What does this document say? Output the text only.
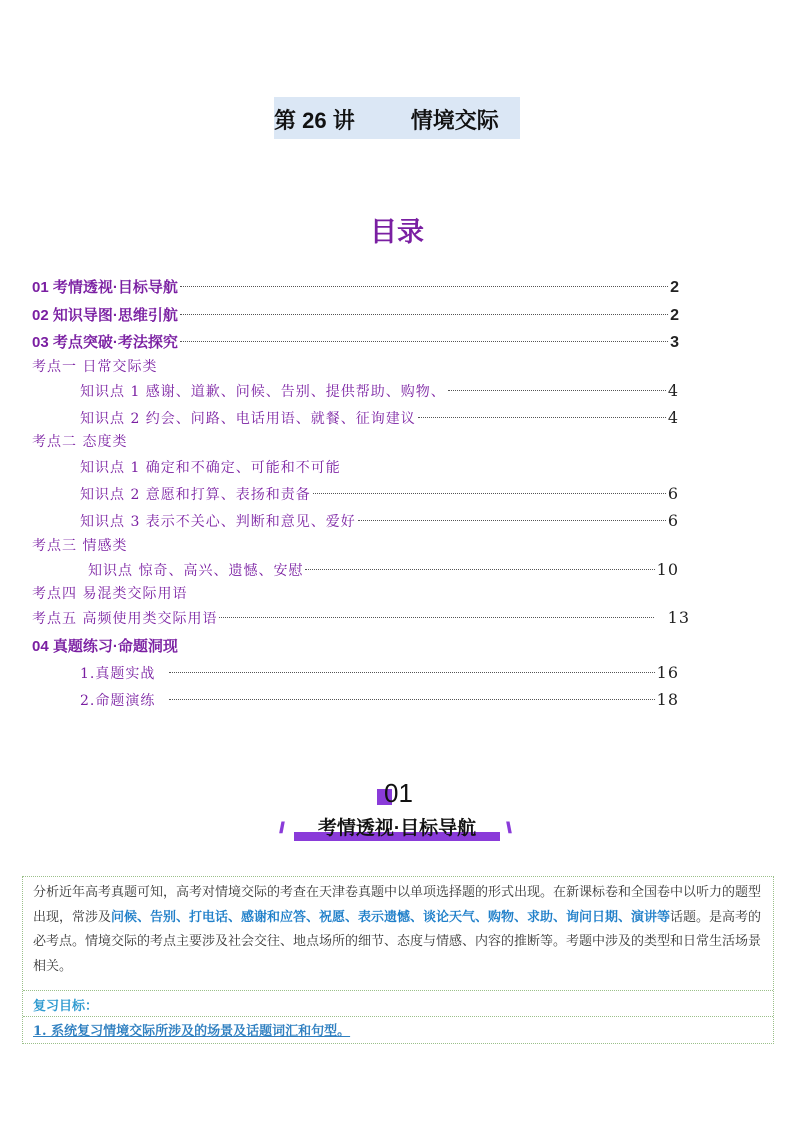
第 26 讲	情境交际
目录
01 考情透视·目标导航	2
02 知识导图·思维引航	2
03 考点突破·考法探究	3
考点一 日常交际类
知识点 1 感谢、道歉、问候、告别、提供帮助、购物、	4
知识点 2 约会、问路、电话用语、就餐、征询建议	4
考点二 态度类
知识点 1 确定和不确定、可能和不可能
知识点 2 意愿和打算、表扬和责备	6
知识点 3 表示不关心、判断和意见、爱好	6
考点三 情感类
知识点 惊奇、高兴、遗憾、安慰	10
考点四 易混类交际用语
考点五 高频使用类交际用语	13
04 真题练习·命题洞现
1.真题实战	16
2.命题演练	18
01
//	考情透视·目标导航	\\
分析近年高考真题可知，高考对情境交际的考查在天津卷真题中以单项选择题的形式出现。在新课标卷和全国卷中以听力的题型出现，常涉及问候、告别、打电话、感谢和应答、祝愿、表示遗憾、谈论天气、购物、求助、询问日期、演讲等话题。是高考的必考点。情境交际的考点主要涉及社会交往、地点场所的细节、态度与情感、内容的推断等。考题中涉及的类型和日常生活场景相关。
复习目标：
1. 系统复习情境交际所涉及的场景及话题词汇和句型。
